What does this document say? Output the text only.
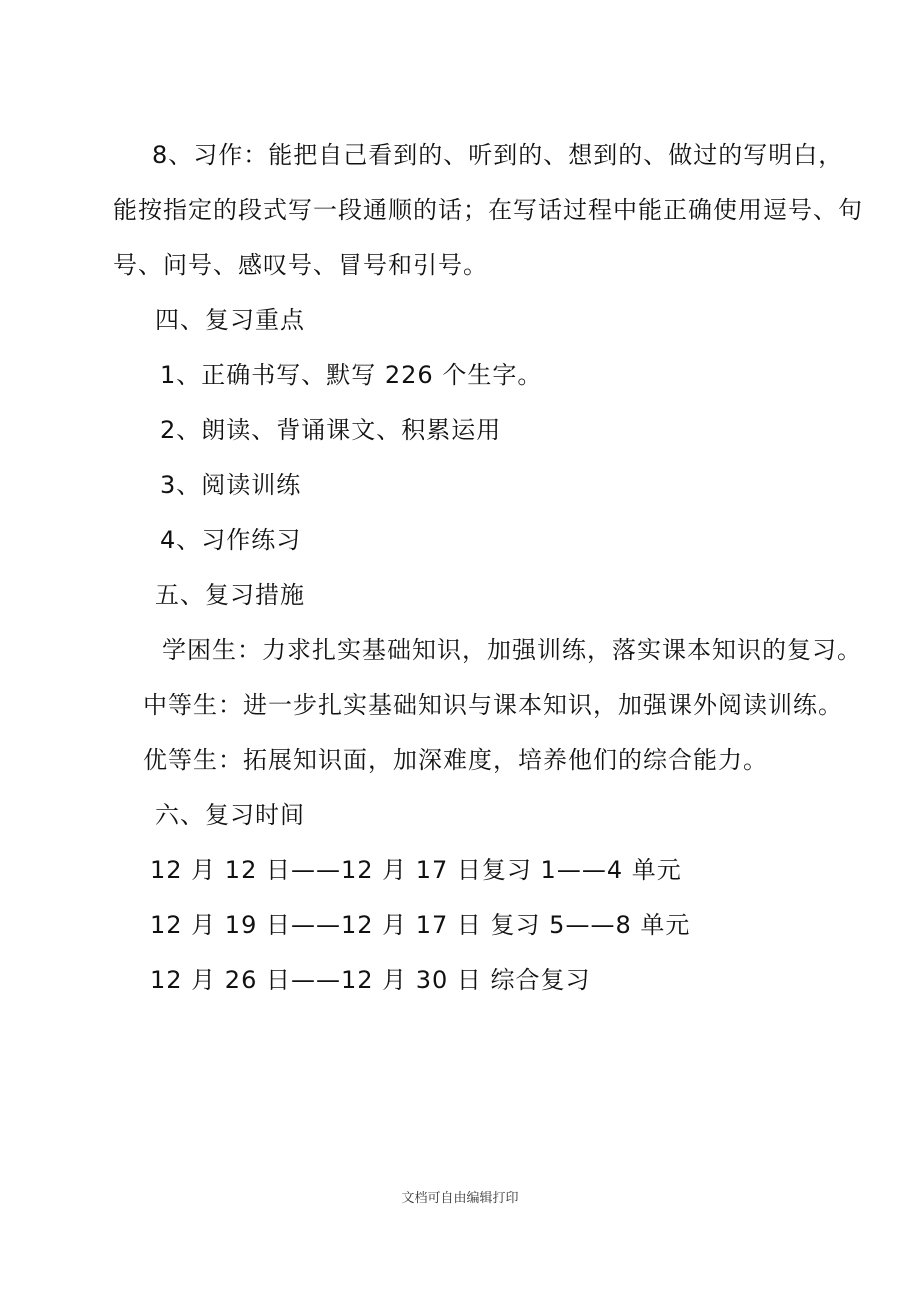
8、习作：能把自己看到的、听到的、想到的、做过的写明白，
能按指定的段式写一段通顺的话；在写话过程中能正确使用逗号、句
号、问号、感叹号、冒号和引号。
四、复习重点
1、正确书写、默写 226 个生字。
2、朗读、背诵课文、积累运用
3、阅读训练
4、习作练习
五、复习措施
学困生：力求扎实基础知识，加强训练，落实课本知识的复习。
中等生：进一步扎实基础知识与课本知识，加强课外阅读训练。
优等生：拓展知识面，加深难度，培养他们的综合能力。
六、复习时间
12 月 12 日——12 月 17 日复习 1——4 单元
12 月 19 日——12 月 17 日 复习 5——8 单元
12 月 26 日——12 月 30 日 综合复习
文档可自由编辑打印
